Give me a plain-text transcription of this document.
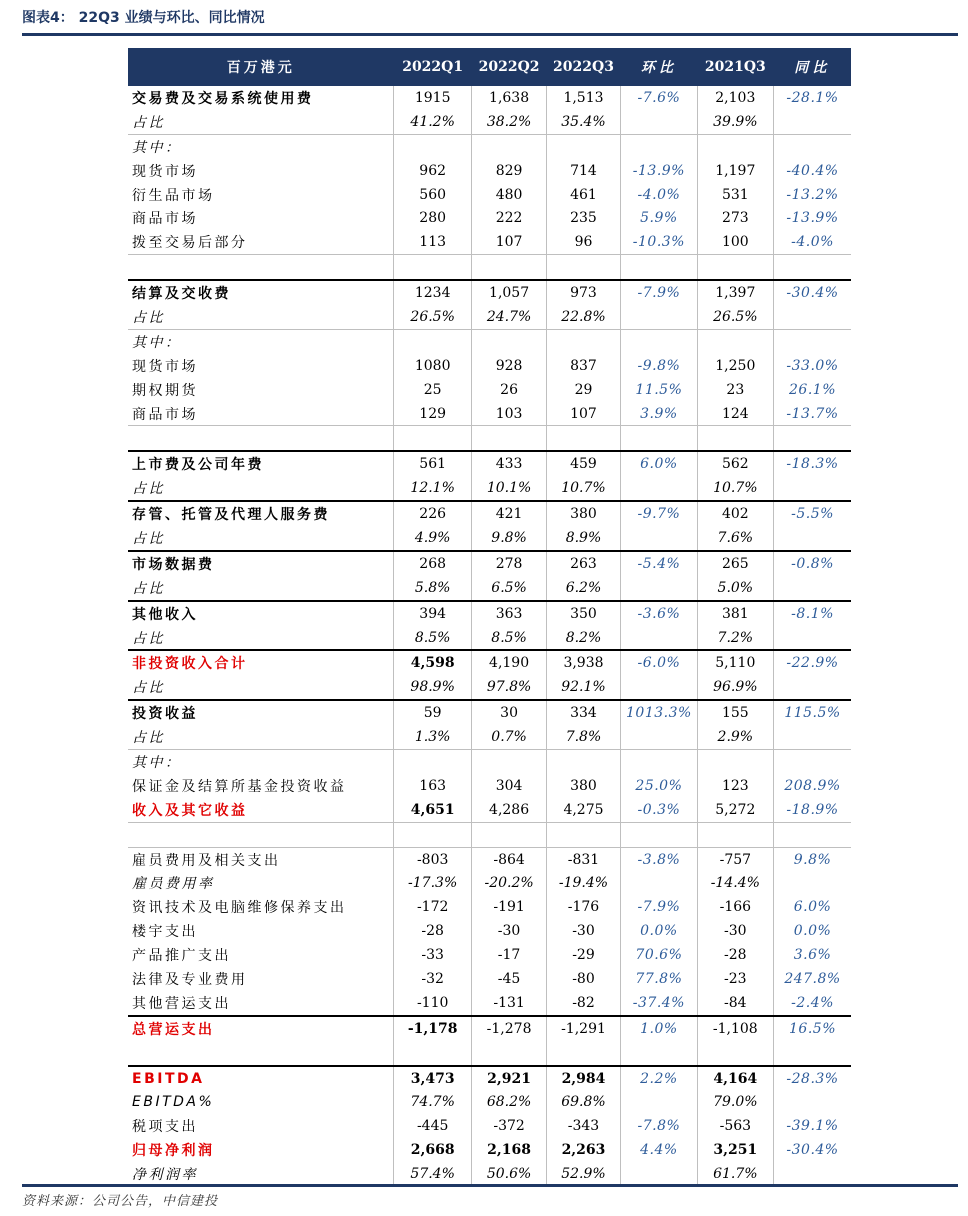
图表4： 22Q3 业绩与环比、同比情况
百万港元	2022Q1	2022Q2	2022Q3	环比	2021Q3	同比
交易费及交易系统使用费	1915	1,638	1,513	-7.6%	2,103	-28.1%
占比	41.2%	38.2%	35.4%		39.9%	
其中：						
现货市场	962	829	714	-13.9%	1,197	-40.4%
衍生品市场	560	480	461	-4.0%	531	-13.2%
商品市场	280	222	235	5.9%	273	-13.9%
拨至交易后部分	113	107	96	-10.3%	100	-4.0%

结算及交收费	1234	1,057	973	-7.9%	1,397	-30.4%
占比	26.5%	24.7%	22.8%		26.5%	
其中：						
现货市场	1080	928	837	-9.8%	1,250	-33.0%
期权期货	25	26	29	11.5%	23	26.1%
商品市场	129	103	107	3.9%	124	-13.7%

上市费及公司年费	561	433	459	6.0%	562	-18.3%
占比	12.1%	10.1%	10.7%		10.7%	
存管、托管及代理人服务费	226	421	380	-9.7%	402	-5.5%
占比	4.9%	9.8%	8.9%		7.6%	
市场数据费	268	278	263	-5.4%	265	-0.8%
占比	5.8%	6.5%	6.2%		5.0%	
其他收入	394	363	350	-3.6%	381	-8.1%
占比	8.5%	8.5%	8.2%		7.2%	
非投资收入合计	4,598	4,190	3,938	-6.0%	5,110	-22.9%
占比	98.9%	97.8%	92.1%		96.9%	
投资收益	59	30	334	1013.3%	155	115.5%
占比	1.3%	0.7%	7.8%		2.9%	
其中：						
保证金及结算所基金投资收益	163	304	380	25.0%	123	208.9%
收入及其它收益	4,651	4,286	4,275	-0.3%	5,272	-18.9%

雇员费用及相关支出	-803	-864	-831	-3.8%	-757	9.8%
雇员费用率	-17.3%	-20.2%	-19.4%		-14.4%	
资讯技术及电脑维修保养支出	-172	-191	-176	-7.9%	-166	6.0%
楼宇支出	-28	-30	-30	0.0%	-30	0.0%
产品推广支出	-33	-17	-29	70.6%	-28	3.6%
法律及专业费用	-32	-45	-80	77.8%	-23	247.8%
其他营运支出	-110	-131	-82	-37.4%	-84	-2.4%
总营运支出	-1,178	-1,278	-1,291	1.0%	-1,108	16.5%

EBITDA	3,473	2,921	2,984	2.2%	4,164	-28.3%
EBITDA%	74.7%	68.2%	69.8%		79.0%	
税项支出	-445	-372	-343	-7.8%	-563	-39.1%
归母净利润	2,668	2,168	2,263	4.4%	3,251	-30.4%
净利润率	57.4%	50.6%	52.9%		61.7%	
资料来源：公司公告，中信建投
